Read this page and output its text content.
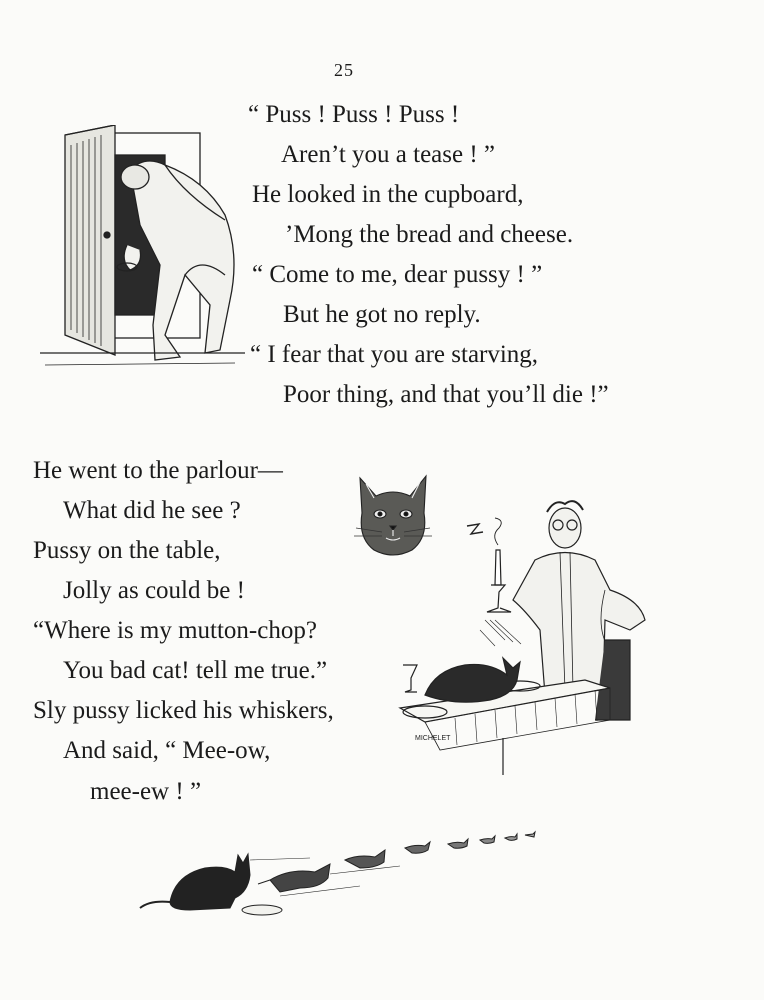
25
“ Puss ! Puss ! Puss !
Aren’t you a tease ! ”
He looked in the cupboard,
’Mong the bread and cheese.
“ Come to me, dear pussy ! ”
But he got no reply.
“ I fear that you are starving,
Poor thing, and that you’ll die !”
He went to the parlour—
What did he see ?
Pussy on the table,
Jolly as could be !
“Where is my mutton-chop?
You bad cat! tell me true.”
Sly pussy licked his whiskers,
And said, “ Mee-ow,
mee-ew ! ”
MICHELET
